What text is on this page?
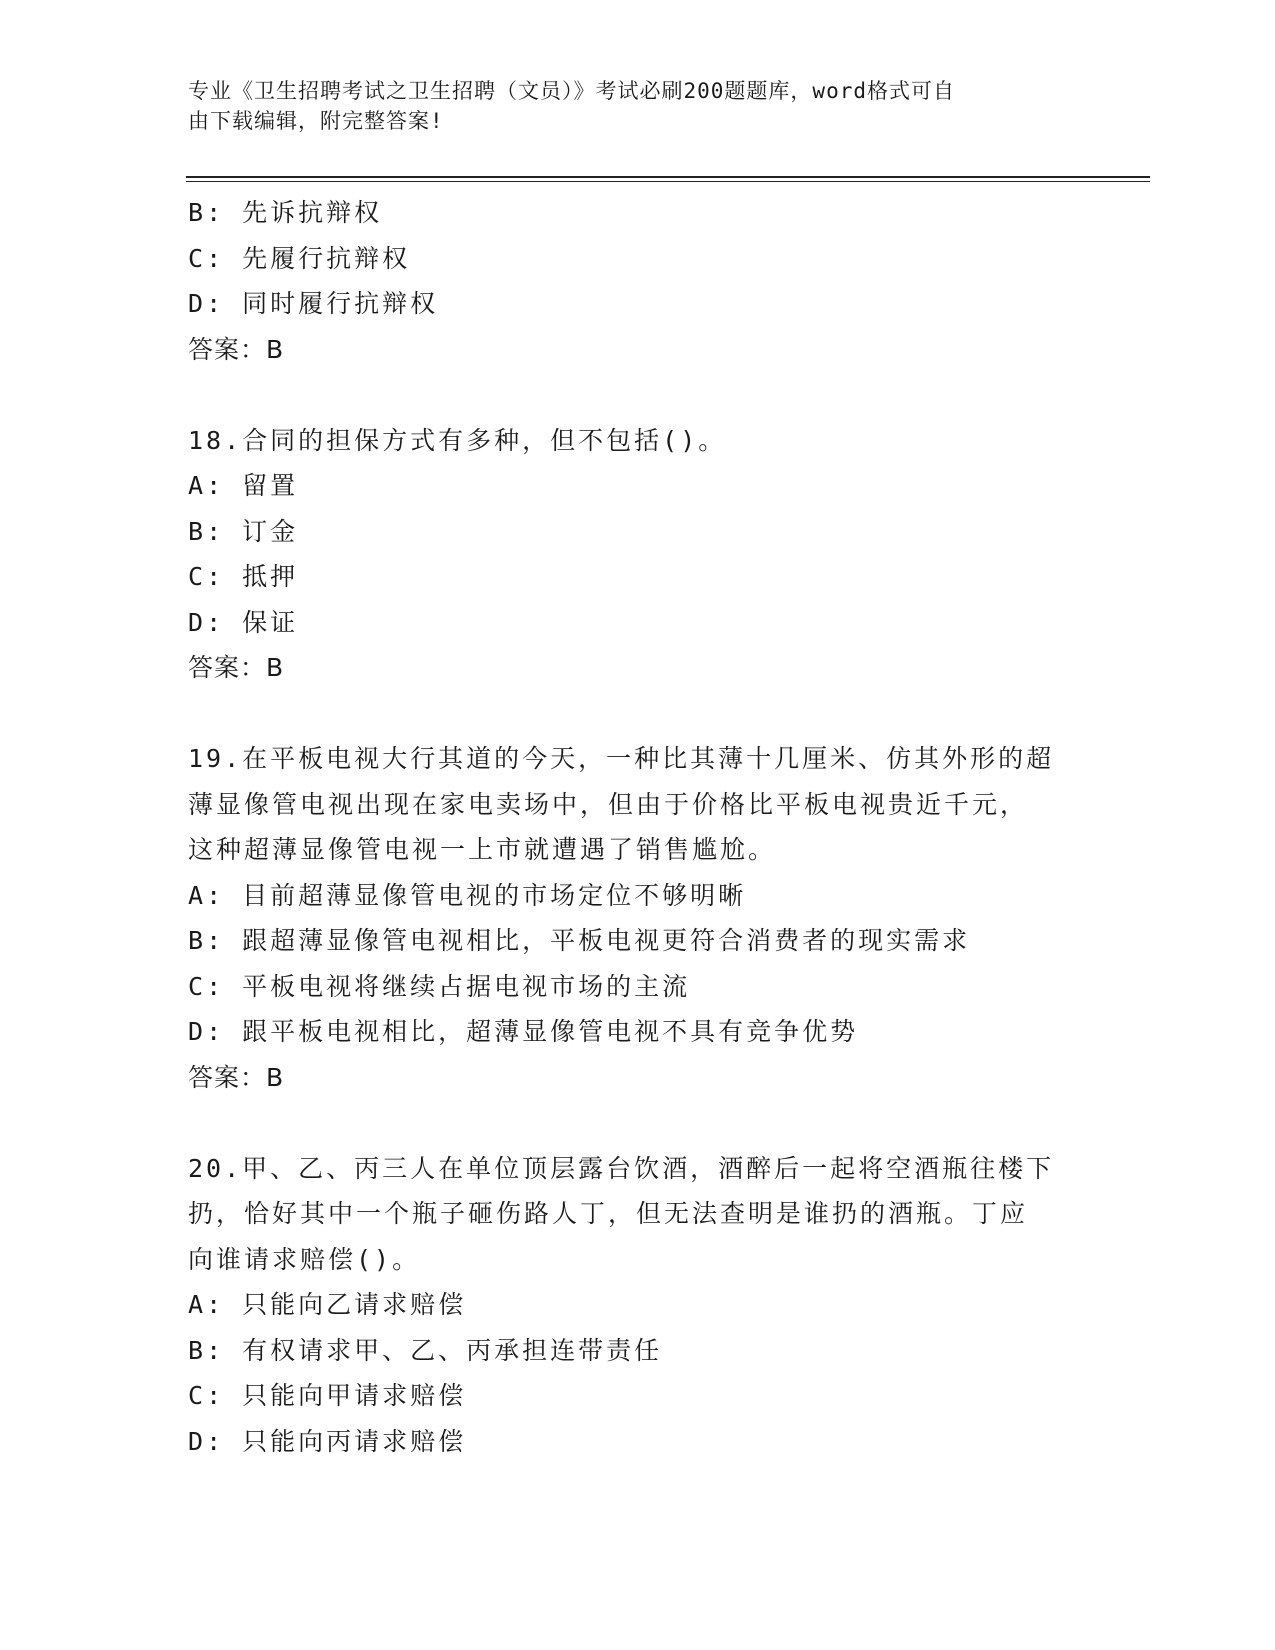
专业《卫生招聘考试之卫生招聘（文员）》考试必刷200题题库，word格式可自
由下载编辑，附完整答案!
B: 先诉抗辩权
C: 先履行抗辩权
D: 同时履行抗辩权
答案：B
18.合同的担保方式有多种，但不包括()。
A: 留置
B: 订金
C: 抵押
D: 保证
答案：B
19.在平板电视大行其道的今天，一种比其薄十几厘米、仿其外形的超
薄显像管电视出现在家电卖场中，但由于价格比平板电视贵近千元，
这种超薄显像管电视一上市就遭遇了销售尴尬。
A: 目前超薄显像管电视的市场定位不够明晰
B: 跟超薄显像管电视相比，平板电视更符合消费者的现实需求
C: 平板电视将继续占据电视市场的主流
D: 跟平板电视相比，超薄显像管电视不具有竞争优势
答案：B
20.甲、乙、丙三人在单位顶层露台饮酒，酒醉后一起将空酒瓶往楼下
扔，恰好其中一个瓶子砸伤路人丁，但无法查明是谁扔的酒瓶。丁应
向谁请求赔偿()。
A: 只能向乙请求赔偿
B: 有权请求甲、乙、丙承担连带责任
C: 只能向甲请求赔偿
D: 只能向丙请求赔偿
